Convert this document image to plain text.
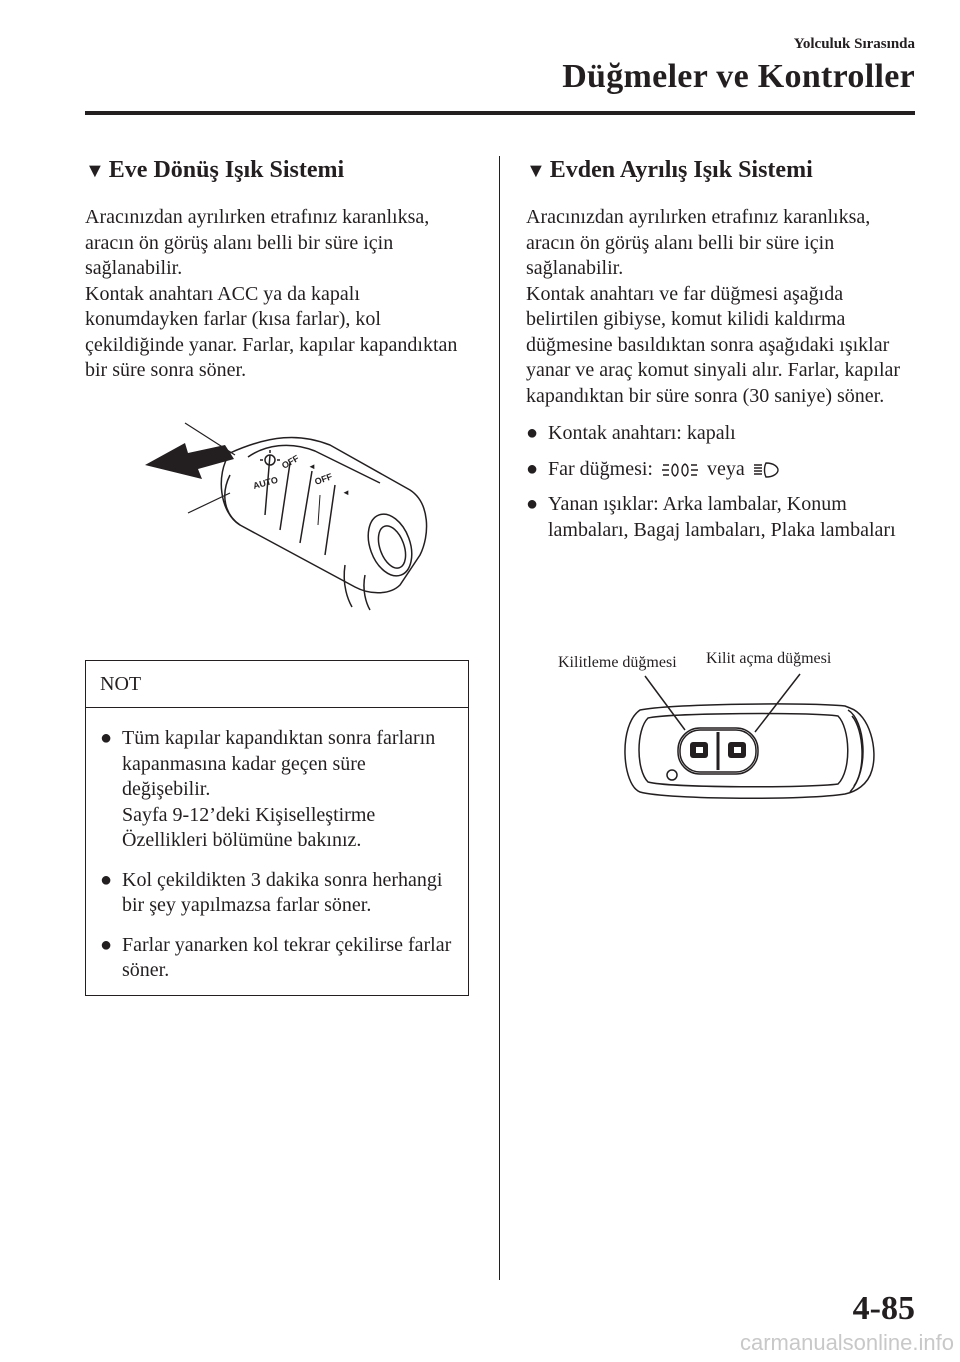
Yolculuk Sırasında
Düğmeler ve Kontroller
▼ Eve Dönüş Işık Sistemi

Aracınızdan ayrılırken etrafınız karanlıksa, aracın ön görüş alanı belli bir süre için sağlanabilir.
Kontak anahtarı ACC ya da kapalı konumdayken farlar (kısa farlar), kol çekildiğinde yanar. Farlar, kapılar kapandıktan bir süre sonra söner.

OFF
AUTO	OFF
◄
◄
NOT
● Tüm kapılar kapandıktan sonra farların kapanmasına kadar geçen süre değişebilir.
Sayfa 9-12’deki Kişiselleştirme Özellikleri bölümüne bakınız.
● Kol çekildikten 3 dakika sonra herhangi bir şey yapılmazsa farlar söner.
● Farlar yanarken kol tekrar çekilirse farlar söner.
▼ Evden Ayrılış Işık Sistemi

Aracınızdan ayrılırken etrafınız karanlıksa, aracın ön görüş alanı belli bir süre için sağlanabilir.
Kontak anahtarı ve far düğmesi aşağıda belirtilen gibiyse, komut kilidi kaldırma düğmesine basıldıktan sonra aşağıdaki ışıklar yanar ve araç komut sinyali alır. Farlar, kapılar kapandıktan bir süre sonra (30 saniye) söner.

● Kontak anahtarı: kapalı
● Far düğmesi:	veya
● Yanan ışıklar: Arka lambalar, Konum lambaları, Bagaj lambaları, Plaka lambaları
Kilitleme düğmesi Kilit açma düğmesi
4-85
carmanualsonline.info
